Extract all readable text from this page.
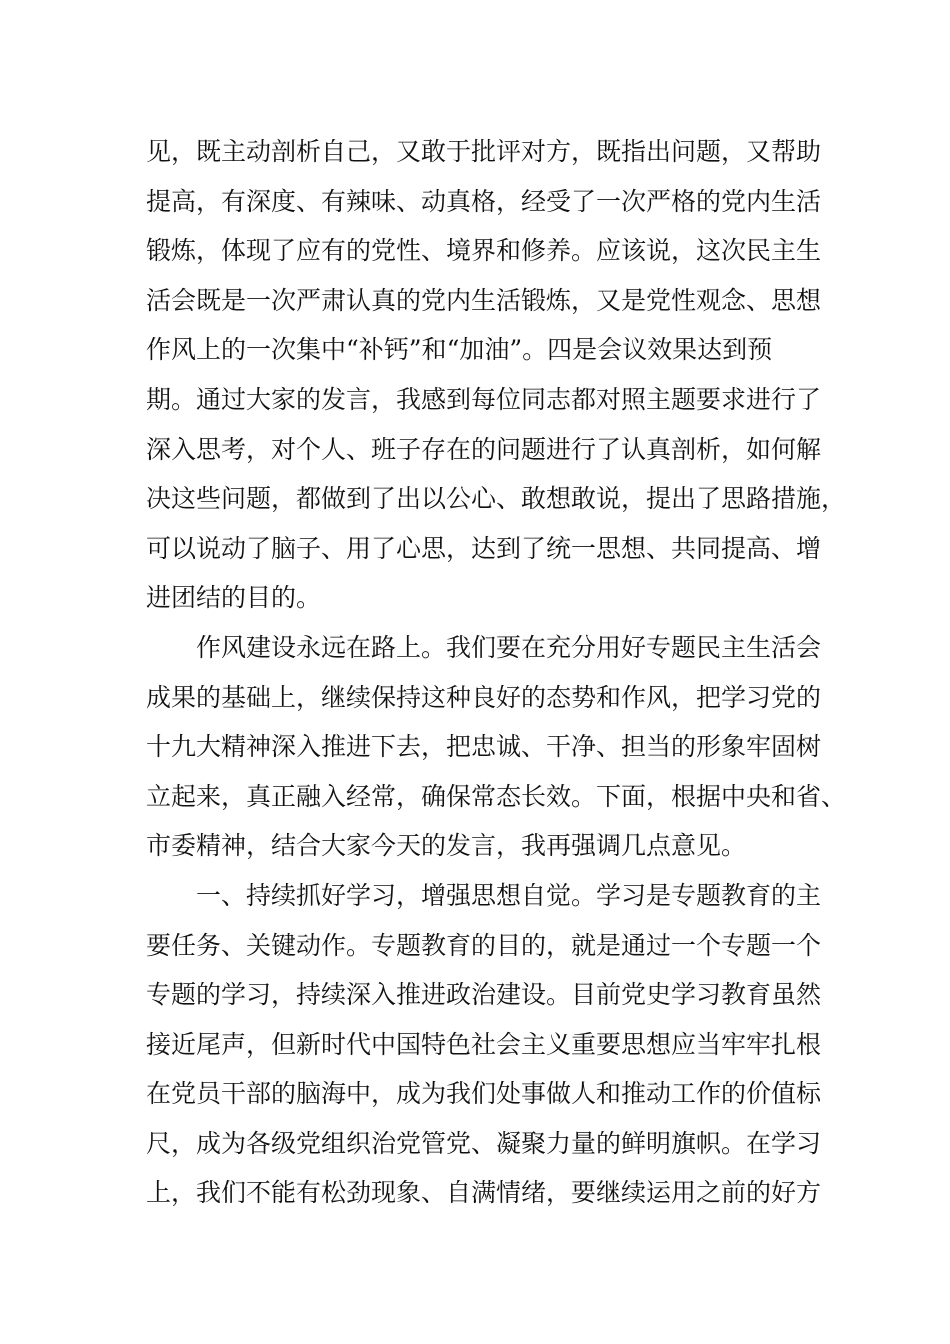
见，既主动剖析自己，又敢于批评对方，既指出问题，又帮助
提高，有深度、有辣味、动真格，经受了一次严格的党内生活
锻炼，体现了应有的党性、境界和修养。应该说，这次民主生
活会既是一次严肃认真的党内生活锻炼，又是党性观念、思想
作风上的一次集中“补钙”和“加油”。四是会议效果达到预
期。通过大家的发言，我感到每位同志都对照主题要求进行了
深入思考，对个人、班子存在的问题进行了认真剖析，如何解
决这些问题，都做到了出以公心、敢想敢说，提出了思路措施，
可以说动了脑子、用了心思，达到了统一思想、共同提高、增
进团结的目的。
作风建设永远在路上。我们要在充分用好专题民主生活会
成果的基础上，继续保持这种良好的态势和作风，把学习党的
十九大精神深入推进下去，把忠诚、干净、担当的形象牢固树
立起来，真正融入经常，确保常态长效。下面，根据中央和省、
市委精神，结合大家今天的发言，我再强调几点意见。
一、持续抓好学习，增强思想自觉。学习是专题教育的主
要任务、关键动作。专题教育的目的，就是通过一个专题一个
专题的学习，持续深入推进政治建设。目前党史学习教育虽然
接近尾声，但新时代中国特色社会主义重要思想应当牢牢扎根
在党员干部的脑海中，成为我们处事做人和推动工作的价值标
尺，成为各级党组织治党管党、凝聚力量的鲜明旗帜。在学习
上，我们不能有松劲现象、自满情绪，要继续运用之前的好方
